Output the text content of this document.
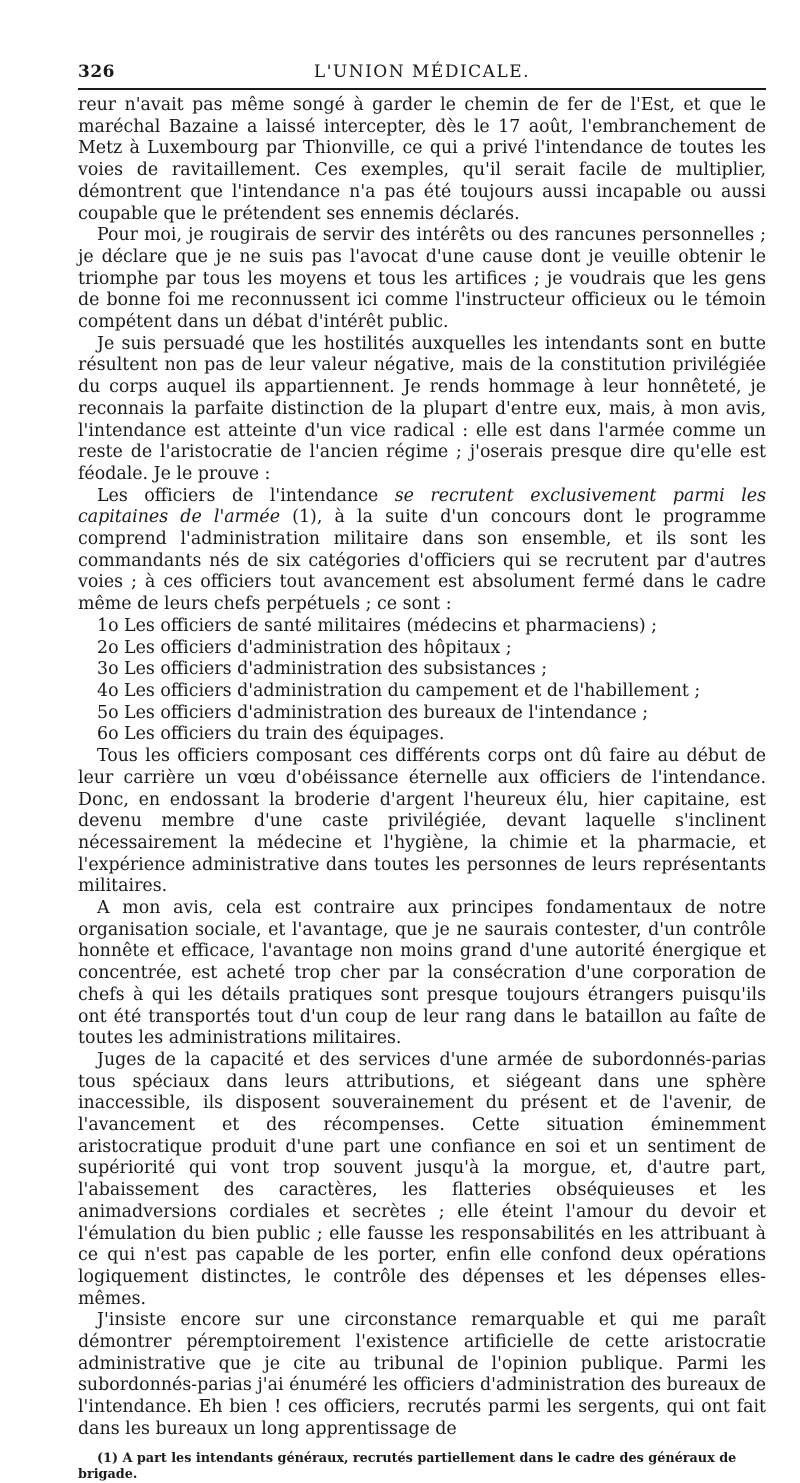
326	L'UNION MÉDICALE.

reur n'avait pas même songé à garder le chemin de fer de l'Est, et que le maréchal Bazaine a laissé intercepter, dès le 17 août, l'embranchement de Metz à Luxembourg par Thionville, ce qui a privé l'intendance de toutes les voies de ravitaillement. Ces exemples, qu'il serait facile de multiplier, démontrent que l'intendance n'a pas été toujours aussi incapable ou aussi coupable que le prétendent ses ennemis déclarés.

Pour moi, je rougirais de servir des intérêts ou des rancunes personnelles ; je déclare que je ne suis pas l'avocat d'une cause dont je veuille obtenir le triomphe par tous les moyens et tous les artifices ; je voudrais que les gens de bonne foi me reconnussent ici comme l'instructeur officieux ou le témoin compétent dans un débat d'intérêt public.

Je suis persuadé que les hostilités auxquelles les intendants sont en butte résultent non pas de leur valeur négative, mais de la constitution privilégiée du corps auquel ils appartiennent. Je rends hommage à leur honnêteté, je reconnais la parfaite distinction de la plupart d'entre eux, mais, à mon avis, l'intendance est atteinte d'un vice radical : elle est dans l'armée comme un reste de l'aristocratie de l'ancien régime ; j'oserais presque dire qu'elle est féodale. Je le prouve :

Les officiers de l'intendance se recrutent exclusivement parmi les capitaines de l'armée (1), à la suite d'un concours dont le programme comprend l'administration militaire dans son ensemble, et ils sont les commandants nés de six catégories d'officiers qui se recrutent par d'autres voies ; à ces officiers tout avancement est absolument fermé dans le cadre même de leurs chefs perpétuels ; ce sont :

1o Les officiers de santé militaires (médecins et pharmaciens) ;

2o Les officiers d'administration des hôpitaux ;

3o Les officiers d'administration des subsistances ;

4o Les officiers d'administration du campement et de l'habillement ;

5o Les officiers d'administration des bureaux de l'intendance ;

6o Les officiers du train des équipages.

Tous les officiers composant ces différents corps ont dû faire au début de leur carrière un vœu d'obéissance éternelle aux officiers de l'intendance. Donc, en endossant la broderie d'argent l'heureux élu, hier capitaine, est devenu membre d'une caste privilégiée, devant laquelle s'inclinent nécessairement la médecine et l'hygiène, la chimie et la pharmacie, et l'expérience administrative dans toutes les personnes de leurs représentants militaires.

A mon avis, cela est contraire aux principes fondamentaux de notre organisation sociale, et l'avantage, que je ne saurais contester, d'un contrôle honnête et efficace, l'avantage non moins grand d'une autorité énergique et concentrée, est acheté trop cher par la consécration d'une corporation de chefs à qui les détails pratiques sont presque toujours étrangers puisqu'ils ont été transportés tout d'un coup de leur rang dans le bataillon au faîte de toutes les administrations militaires.

Juges de la capacité et des services d'une armée de subordonnés-parias tous spéciaux dans leurs attributions, et siégeant dans une sphère inaccessible, ils disposent souverainement du présent et de l'avenir, de l'avancement et des récompenses. Cette situation éminemment aristocratique produit d'une part une confiance en soi et un sentiment de supériorité qui vont trop souvent jusqu'à la morgue, et, d'autre part, l'abaissement des caractères, les flatteries obséquieuses et les animadversions cordiales et secrètes ; elle éteint l'amour du devoir et l'émulation du bien public ; elle fausse les responsabilités en les attribuant à ce qui n'est pas capable de les porter, enfin elle confond deux opérations logiquement distinctes, le contrôle des dépenses et les dépenses elles-mêmes.

J'insiste encore sur une circonstance remarquable et qui me paraît démontrer péremptoirement l'existence artificielle de cette aristocratie administrative que je cite au tribunal de l'opinion publique. Parmi les subordonnés-parias j'ai énuméré les officiers d'administration des bureaux de l'intendance. Eh bien ! ces officiers, recrutés parmi les sergents, qui ont fait dans les bureaux un long apprentissage de

(1) A part les intendants généraux, recrutés partiellement dans le cadre des généraux de brigade.
